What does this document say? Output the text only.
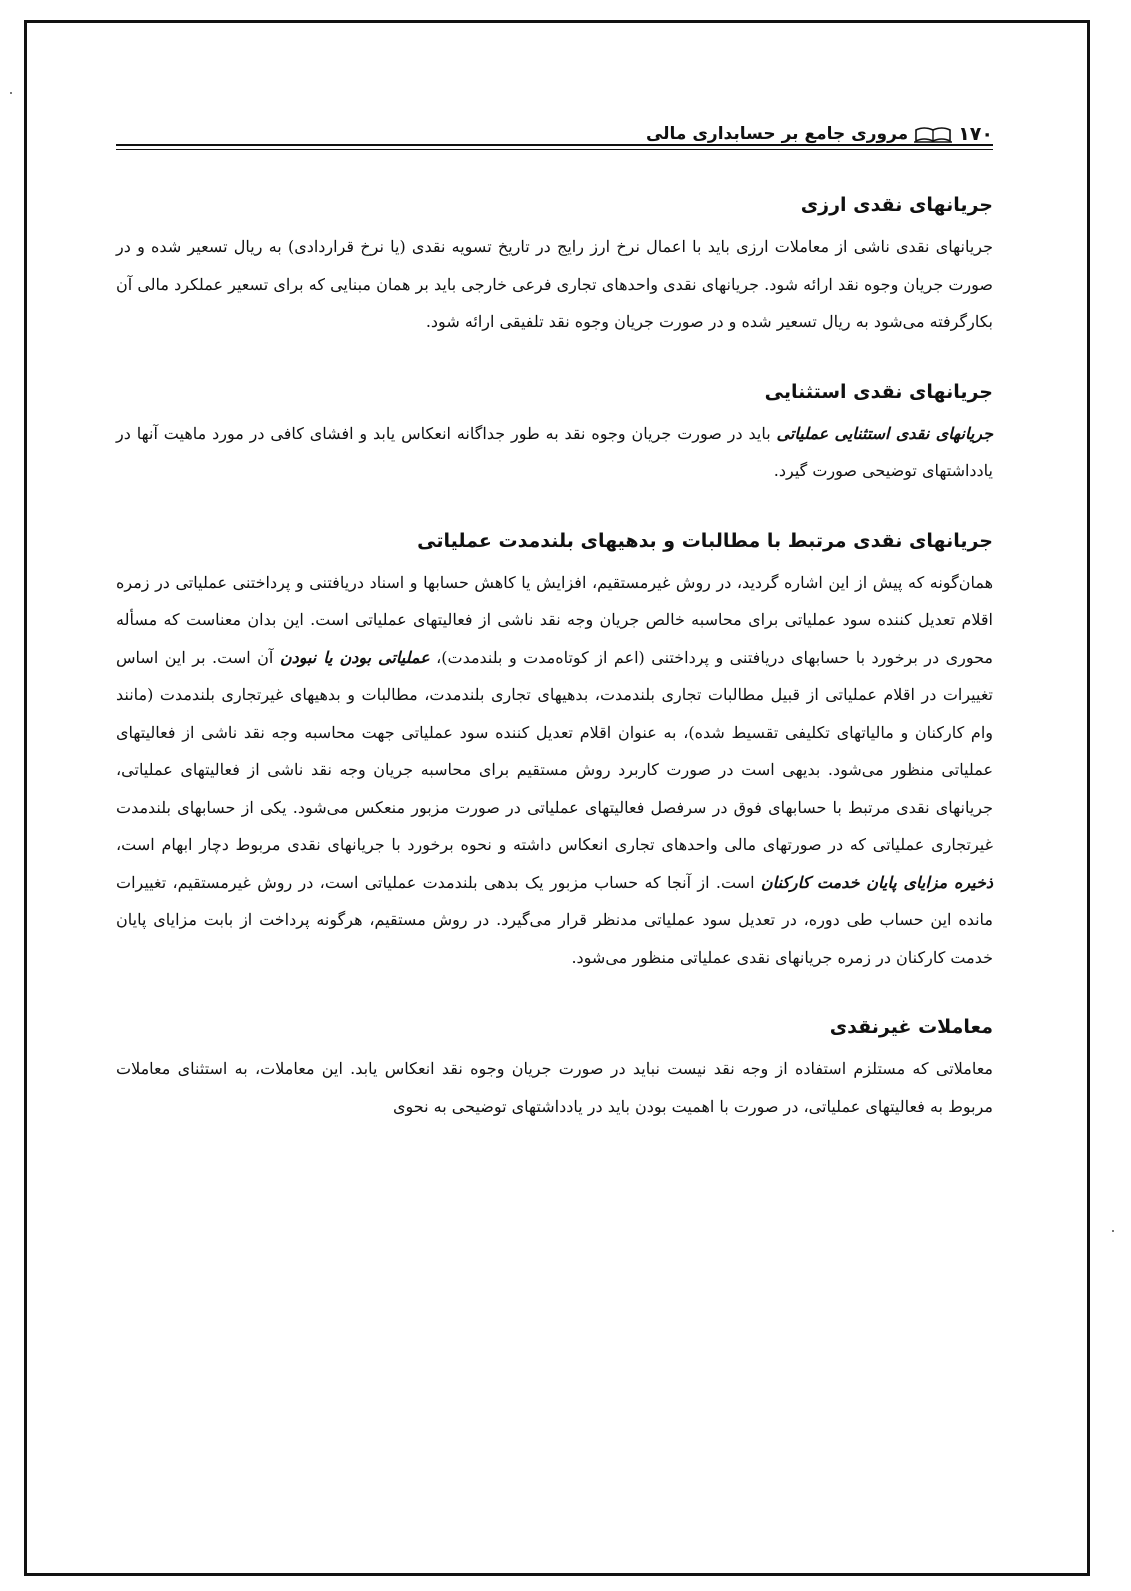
۱۷۰
مروری جامع بر حسابداری مالی
جریانهای نقدی ارزی

جریانهای نقدی ناشی از معاملات ارزی باید با اعمال نرخ ارز رایج در تاریخ تسویه نقدی (یا نرخ قراردادی) به ریال تسعیر شده و در صورت جریان وجوه نقد ارائه شود. جریانهای نقدی واحدهای تجاری فرعی خارجی باید بر همان مبنایی که برای تسعیر عملکرد مالی آن بکارگرفته می‌شود به ریال تسعیر شده و در صورت جریان وجوه نقد تلفیقی ارائه شود.

جریانهای نقدی استثنایی

جریانهای نقدی استثنایی عملیاتی باید در صورت جریان وجوه نقد به طور جداگانه انعکاس یابد و افشای کافی در مورد ماهیت آنها در یادداشتهای توضیحی صورت گیرد.

جریانهای نقدی مرتبط با مطالبات و بدهیهای بلندمدت عملیاتی

همان‌گونه که پیش از این اشاره گردید، در روش غیرمستقیم، افزایش یا کاهش حسابها و اسناد دریافتنی و پرداختنی عملیاتی در زمره اقلام تعدیل کننده سود عملیاتی برای محاسبه خالص جریان وجه نقد ناشی از فعالیتهای عملیاتی است. این بدان معناست که مسأله محوری در برخورد با حسابهای دریافتنی و پرداختنی (اعم از کوتاه‌مدت و بلندمدت)، عملیاتی بودن یا نبودن آن است. بر این اساس تغییرات در اقلام عملیاتی از قبیل مطالبات تجاری بلندمدت، بدهیهای تجاری بلندمدت، مطالبات و بدهیهای غیرتجاری بلندمدت (مانند وام کارکنان و مالیاتهای تکلیفی تقسیط شده)، به عنوان اقلام تعدیل کننده سود عملیاتی جهت محاسبه وجه نقد ناشی از فعالیتهای عملیاتی منظور می‌شود. بدیهی است در صورت کاربرد روش مستقیم برای محاسبه جریان وجه نقد ناشی از فعالیتهای عملیاتی، جریانهای نقدی مرتبط با حسابهای فوق در سرفصل فعالیتهای عملیاتی در صورت مزبور منعکس می‌شود. یکی از حسابهای بلندمدت غیرتجاری عملیاتی که در صورتهای مالی واحدهای تجاری انعکاس داشته و نحوه برخورد با جریانهای نقدی مربوط دچار ابهام است، ذخیره مزایای پایان خدمت کارکنان است. از آنجا که حساب مزبور یک بدهی بلندمدت عملیاتی است، در روش غیرمستقیم، تغییرات مانده این حساب طی دوره، در تعدیل سود عملیاتی مدنظر قرار می‌گیرد. در روش مستقیم، هرگونه پرداخت از بابت مزایای پایان خدمت کارکنان در زمره جریانهای نقدی عملیاتی منظور می‌شود.

معاملات غیرنقدی

معاملاتی که مستلزم استفاده از وجه نقد نیست نباید در صورت جریان وجوه نقد انعکاس یابد. این معاملات، به استثنای معاملات مربوط به فعالیتهای عملیاتی، در صورت با اهمیت بودن باید در یادداشتهای توضیحی به نحوی
